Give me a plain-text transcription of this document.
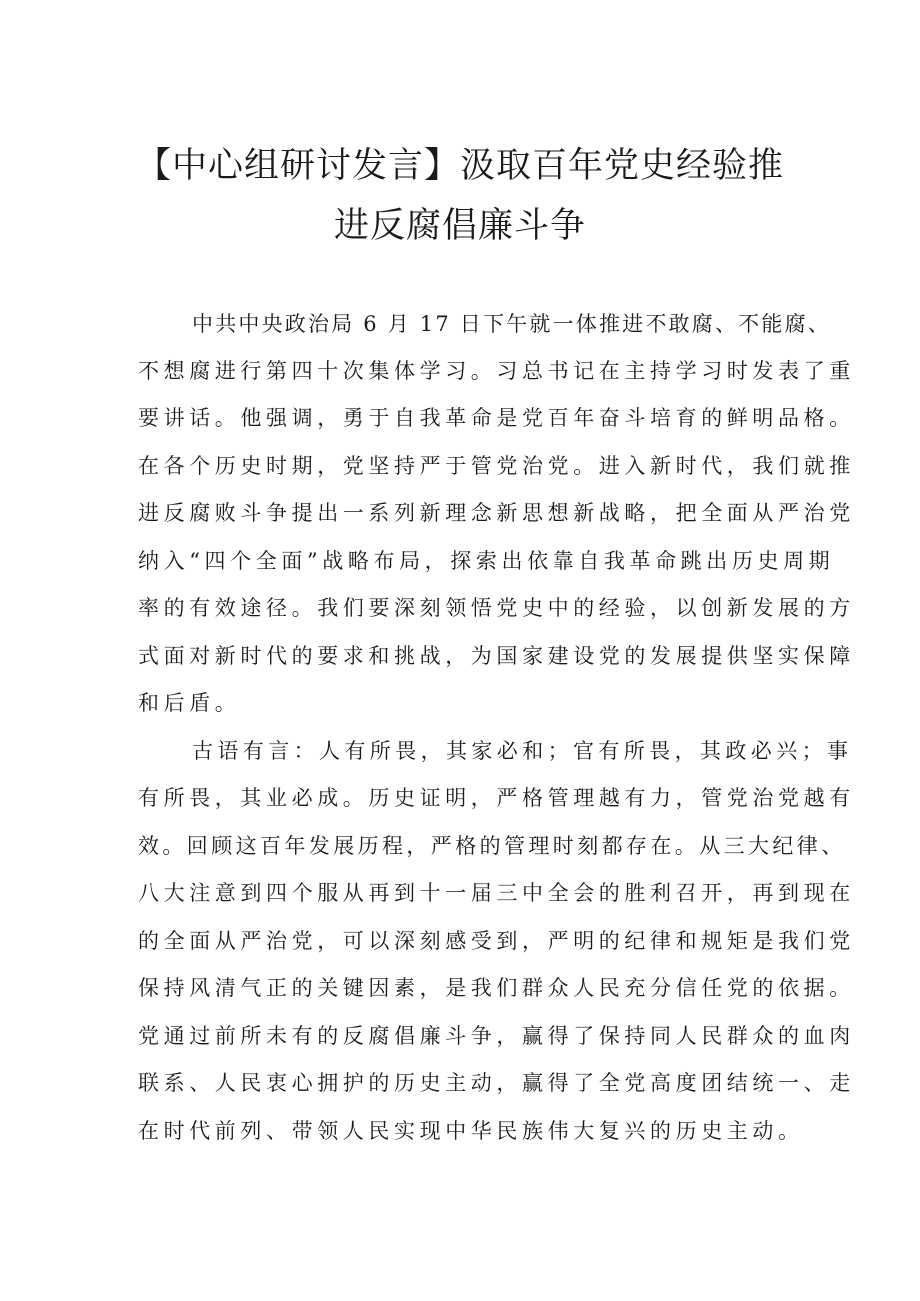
【中心组研讨发言】汲取百年党史经验推
进反腐倡廉斗争

中共中央政治局 6 月 17 日下午就一体推进不敢腐、不能腐、

不想腐进行第四十次集体学习。习总书记在主持学习时发表了重

要讲话。他强调，勇于自我革命是党百年奋斗培育的鲜明品格。

在各个历史时期，党坚持严于管党治党。进入新时代，我们就推

进反腐败斗争提出一系列新理念新思想新战略，把全面从严治党

纳入“四个全面”战略布局，探索出依靠自我革命跳出历史周期

率的有效途径。我们要深刻领悟党史中的经验，以创新发展的方

式面对新时代的要求和挑战，为国家建设党的发展提供坚实保障

和后盾。

古语有言：人有所畏，其家必和；官有所畏，其政必兴；事

有所畏，其业必成。历史证明，严格管理越有力，管党治党越有

效。回顾这百年发展历程，严格的管理时刻都存在。从三大纪律、

八大注意到四个服从再到十一届三中全会的胜利召开，再到现在

的全面从严治党，可以深刻感受到，严明的纪律和规矩是我们党

保持风清气正的关键因素，是我们群众人民充分信任党的依据。

党通过前所未有的反腐倡廉斗争，赢得了保持同人民群众的血肉

联系、人民衷心拥护的历史主动，赢得了全党高度团结统一、走

在时代前列、带领人民实现中华民族伟大复兴的历史主动。
